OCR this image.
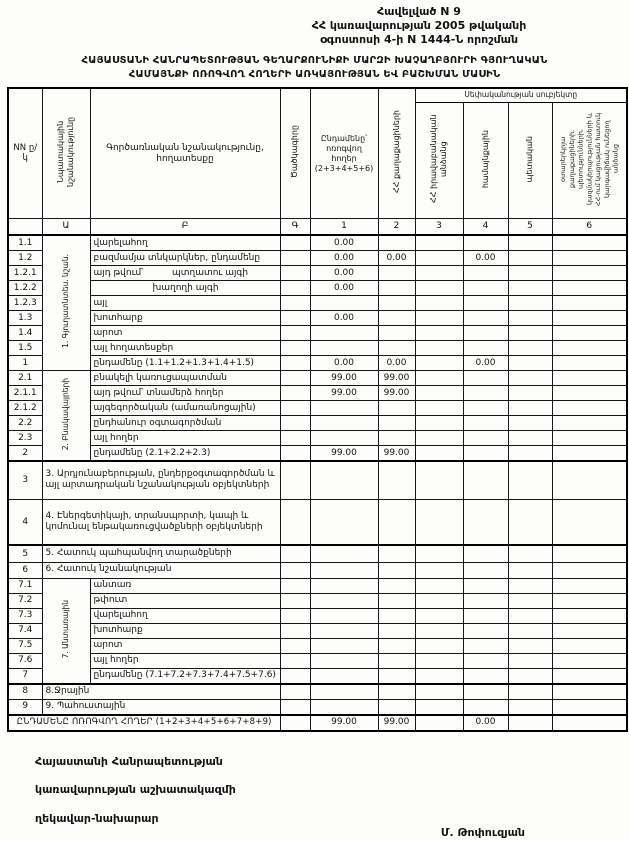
Հավելված N 9
ՀՀ կառավարության 2005 թվականի
օգոստոսի 4-ի N 1444-Ն որոշման
ՀԱՅԱՍՏԱՆԻ ՀԱՆՐԱՊԵՏՈՒԹՅԱՆ ԳԵՂԱՐՔՈՒՆԻՔԻ ՄԱՐԶԻ ԽԱՉԱՂԲՅՈՒՐԻ ԳՅՈՒՂԱԿԱՆ
ՀԱՄԱՅՆՔԻ ՈՌՈԳՎՈՂ ՀՈՂԵՐԻ ԱՌԿԱՅՈՒԹՅԱՆ ԵՎ ԲԱՇԽՄԱՆ ՄԱՍԻՆ
NN ը/կ	Նպատակային նշանակությունը	Գործառնական նշանակությունը, հողատեսքը	Ծածկագիրը	Ընդամենը՝ ոռոգվող հողեր (2+3+4+5+6)	ՀՀ քաղաքացիների	Սեփականության սուբյեկտը			
						ՀՀ իրավաբանական անձանց	համայնքային	պետական	օտարերկրյա քաղաքացիների, պետությունների, կազմակերպությունների և ՀՀ-ում կացության հատուկ կարգավիճակ ունեցող անձանց
	Ա	Բ	Գ	1	2	3	4	5	6
1.1	1. Գյուղատնտես. նշան.	վարելահող		0.00					
1.2		բազմամյա տնկարկներ, ընդամենը		0.00	0.00		0.00		
1.2.1		այդ թվում՝          պտղատու այգի		0.00					
1.2.2		խաղողի այգի		0.00					
1.2.3		այլ							
1.3		խոտհարք		0.00					
1.4		արոտ							
1.5		այլ հողատեսքեր							
1		ընդամենը (1.1+1.2+1.3+1.4+1.5)		0.00	0.00		0.00		
2.1	2. Բնակավայրերի	բնակելի կառուցապատման		99.00	99.00				
2.1.1		այդ թվում՝ տնամերձ հողեր		99.00	99.00				
2.1.2		այգեգործական (ամառանոցային)							
2.2		ընդհանուր օգտագործման							
2.3		այլ հողեր							
2		ընդամենը (2.1+2.2+2.3)		99.00	99.00				
3	3. Արդյունաբերության, ընդերքօգտագործման և այլ արտադրական նշանակության օբյեկտների								
4	4. Էներգետիկայի, տրանսպորտի, կապի և կոմունալ ենթակառուցվածքների օբյեկտների								
5	5. Հատուկ պահպանվող տարածքների								
6	6. Հատուկ նշանակության								
7.1	7. Անտառային	անտառ							
7.2		թփուտ							
7.3		վարելահող							
7.4		խոտհարք							
7.5		արոտ							
7.6		այլ հողեր							
7		ընդամենը (7.1+7.2+7.3+7.4+7.5+7.6)							
8	8.Ջրային								
9	9. Պահուստային								
ԸՆԴԱՄԵՆԸ ՈՌՈԳՎՈՂ ՀՈՂԵՐ (1+2+3+4+5+6+7+8+9)				99.00	99.00		0.00		

Հայաստանի Հանրապետության

կառավարության աշխատակազմի

ղեկավար-նախարար

Մ. Թոփուզյան
